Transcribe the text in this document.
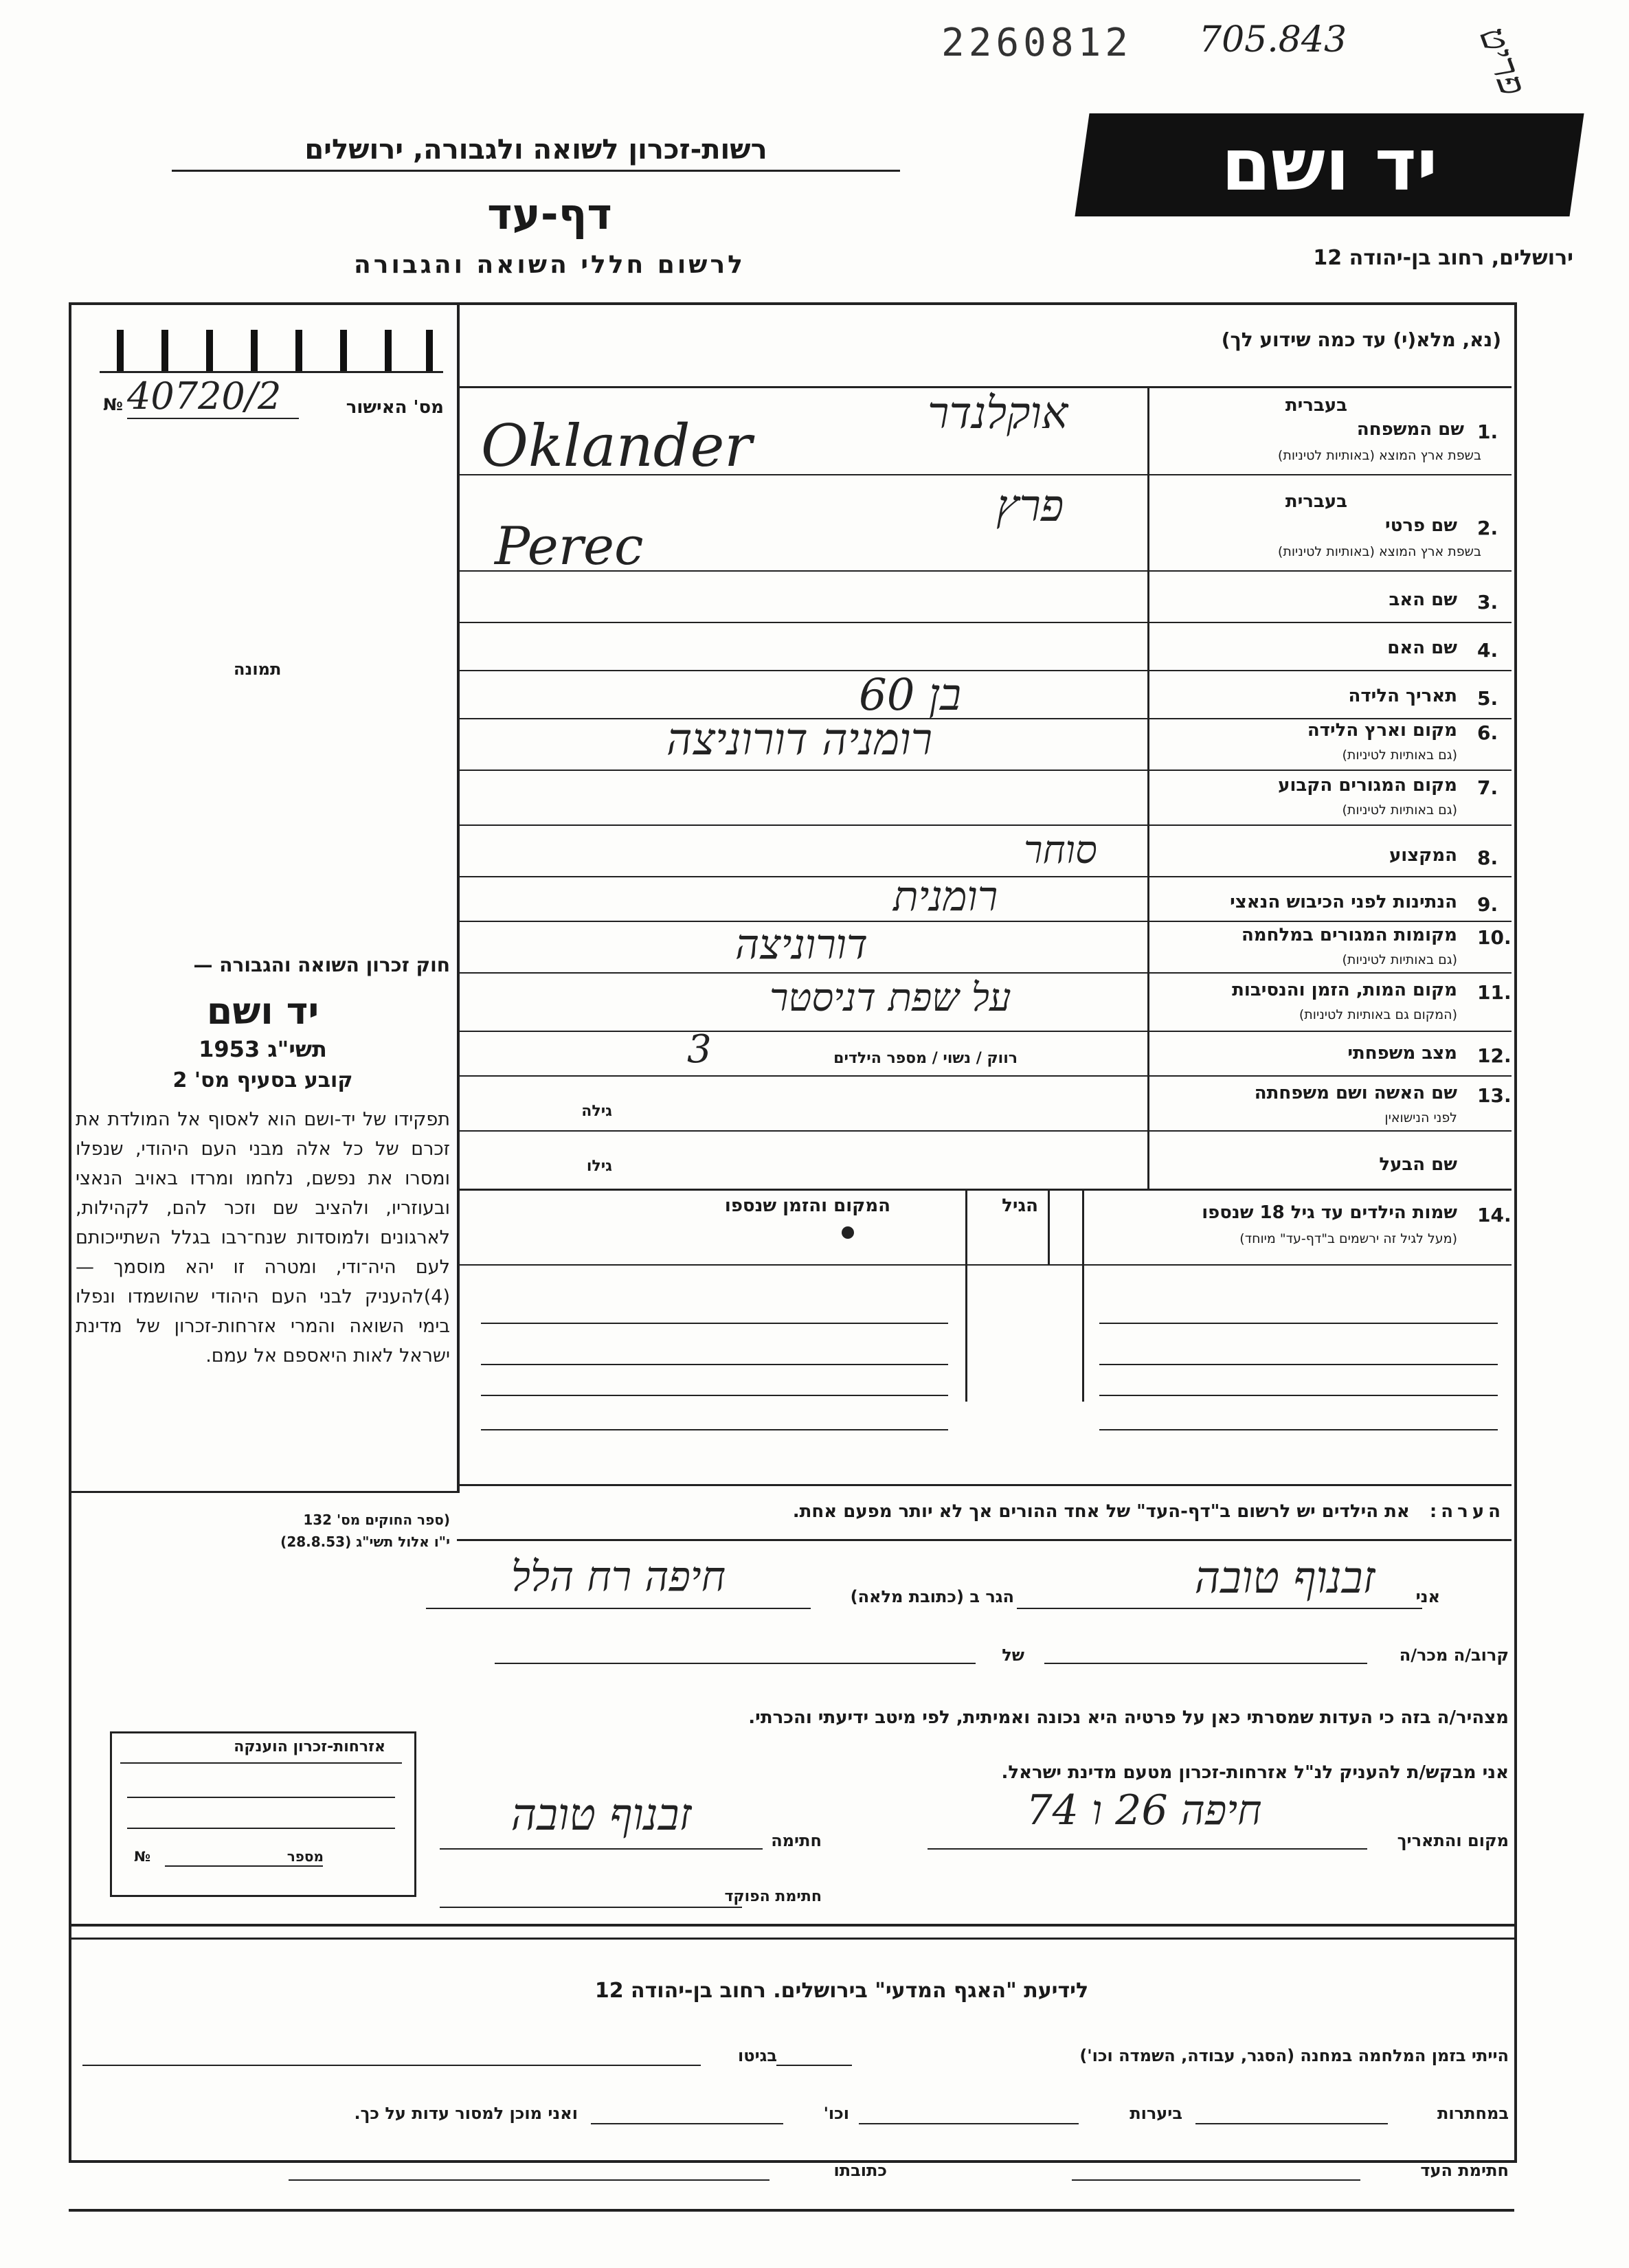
2260812 705.843	פריט
רשות-זכרון לשואה ולגבורה, ירושלים
דף-עד
לרשום חללי השואה והגבורה
יד ושם
ירושלים, רחוב בן-יהודה 12
№ 40720/2	מס' האישור
תמונה
חוק זכרון השואה והגבורה —
יד ושם
תשי"ג 1953
קובע בסעיף מס' 2
תפקידו של יד-ושם הוא לאסוף אל המולדת את זכרם של כל אלה מבני העם היהודי, שנפלו ומסרו את נפשם, נלחמו ומרדו באויב הנאצי ובעוזריו, ולהציב שם וזכר להם, לקהילות, לארגונים ולמוסדות שנח־רבו בגלל השתייכותם לעם היה־ודי, ומטרה זו יהא מוסמך — (4)להעניק לבני העם היהודי שהושמדו ונפלו בימי השואה והמרי אזרחות-זכרון של מדינת ישראל לאות היאספם אל עמם.
(ספר החוקים מס' 132
י"ו אלול תשי"ג (28.8.53)
(נא, מלא(י) עד כמה שידוע לך)
1.
שם המשפחה
בשפת ארץ המוצא (באותיות לטיניות)
בעברית
אוקלנדר
Oklander
2.
שם פרטי
בשפת ארץ המוצא (באותיות לטיניות)
בעברית
פרץ
Perec
3.
שם האב
4.
שם האם
5.
תאריך הלידה
בן 60
6.
מקום וארץ הלידה
(גם באותיות לטיניות)
רומניה דורוניצה
7.
מקום המגורים הקבוע
(גם באותיות לטיניות)
8.
המקצוע
סוחר
9.
הנתינות לפני הכיבוש הנאצי
רומנית
10.
מקומות המגורים במלחמה
(גם באותיות לטיניות)
דורוניצה
11.
מקום המות, הזמן והנסיבות
(המקום גם באותיות לטיניות)
על שפת דניסטר
12.
מצב משפחתי
רווק / נשוי / מספר הילדים
3
13.
שם האשה ושם משפחתה
לפני הנישואין
גילה
שם הבעל
גילו
14.
שמות הילדים עד גיל 18 שנספו
(מעל לגיל זה ירשמים ב"דף-עד" מיוחד)
הגיל
המקום והזמן שנספו
הערה: את הילדים יש לרשום ב"דף-העד" של אחד ההורים אך לא יותר מפעם אחת.
אני
זבנוף טובה
הגר ב (כתובת מלאה)
חיפה רח הלל
קרוב/ה מכר/ה
של
מצהיר/ה בזה כי העדות שמסרתי כאן על פרטיה היא נכונה ואמיתית, לפי מיטב ידיעתי והכרתי.
אני מבקש/ת להעניק לנ"ל אזרחות-זכרון מטעם מדינת ישראל.
מקום והתאריך
חיפה 26 ו 74
חתימה
זבנוף טובה
חתימת הפוקד
אזרחות-זכרון הוענקה
מספר
№
לידיעת "האגף המדעי" בירושלים. רחוב בן-יהודה 12
הייתי בזמן המלחמה במחנה (הסגר, עבודה, השמדה וכו')
בגיטו
במחתרות
ביערות
וכו'
ואני מוכן למסור עדות על כך.
חתימת העד
כתובתו
